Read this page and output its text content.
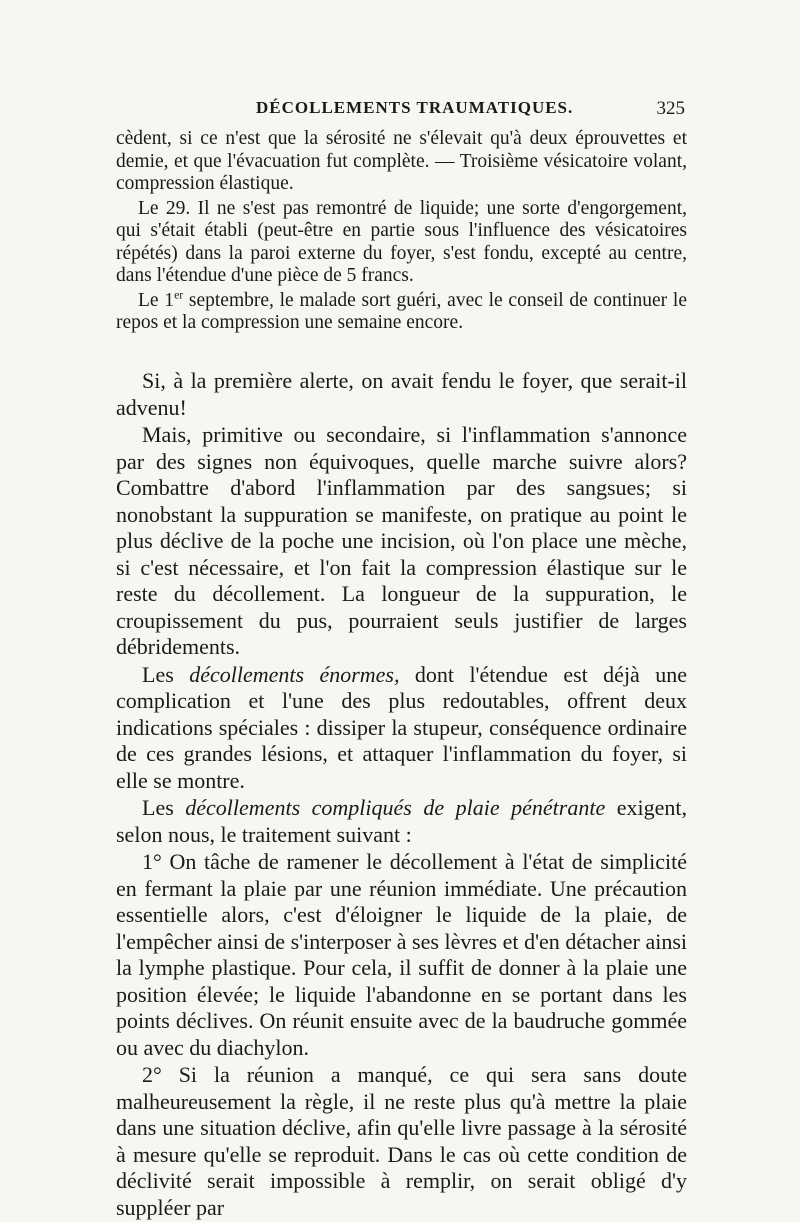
DÉCOLLEMENTS TRAUMATIQUES.	325

cèdent, si ce n'est que la sérosité ne s'élevait qu'à deux éprouvettes et demie, et que l'évacuation fut complète. — Troisième vésicatoire volant, compression élastique.

Le 29. Il ne s'est pas remontré de liquide; une sorte d'engorgement, qui s'était établi (peut-être en partie sous l'influence des vésicatoires répétés) dans la paroi externe du foyer, s'est fondu, excepté au centre, dans l'étendue d'une pièce de 5 francs.

Le 1er septembre, le malade sort guéri, avec le conseil de continuer le repos et la compression une semaine encore.

Si, à la première alerte, on avait fendu le foyer, que serait-il advenu!

Mais, primitive ou secondaire, si l'inflammation s'annonce par des signes non équivoques, quelle marche suivre alors? Combattre d'abord l'inflammation par des sangsues; si nonobstant la suppuration se manifeste, on pratique au point le plus déclive de la poche une incision, où l'on place une mèche, si c'est nécessaire, et l'on fait la compression élastique sur le reste du décollement. La longueur de la suppuration, le croupissement du pus, pourraient seuls justifier de larges débridements.

Les décollements énormes, dont l'étendue est déjà une complication et l'une des plus redoutables, offrent deux indications spéciales : dissiper la stupeur, conséquence ordinaire de ces grandes lésions, et attaquer l'inflammation du foyer, si elle se montre.

Les décollements compliqués de plaie pénétrante exigent, selon nous, le traitement suivant :

1° On tâche de ramener le décollement à l'état de simplicité en fermant la plaie par une réunion immédiate. Une précaution essentielle alors, c'est d'éloigner le liquide de la plaie, de l'empêcher ainsi de s'interposer à ses lèvres et d'en détacher ainsi la lymphe plastique. Pour cela, il suffit de donner à la plaie une position élevée; le liquide l'abandonne en se portant dans les points déclives. On réunit ensuite avec de la baudruche gommée ou avec du diachylon.

2° Si la réunion a manqué, ce qui sera sans doute malheureusement la règle, il ne reste plus qu'à mettre la plaie dans une situation déclive, afin qu'elle livre passage à la sérosité à mesure qu'elle se reproduit. Dans le cas où cette condition de déclivité serait impossible à remplir, on serait obligé d'y suppléer par
